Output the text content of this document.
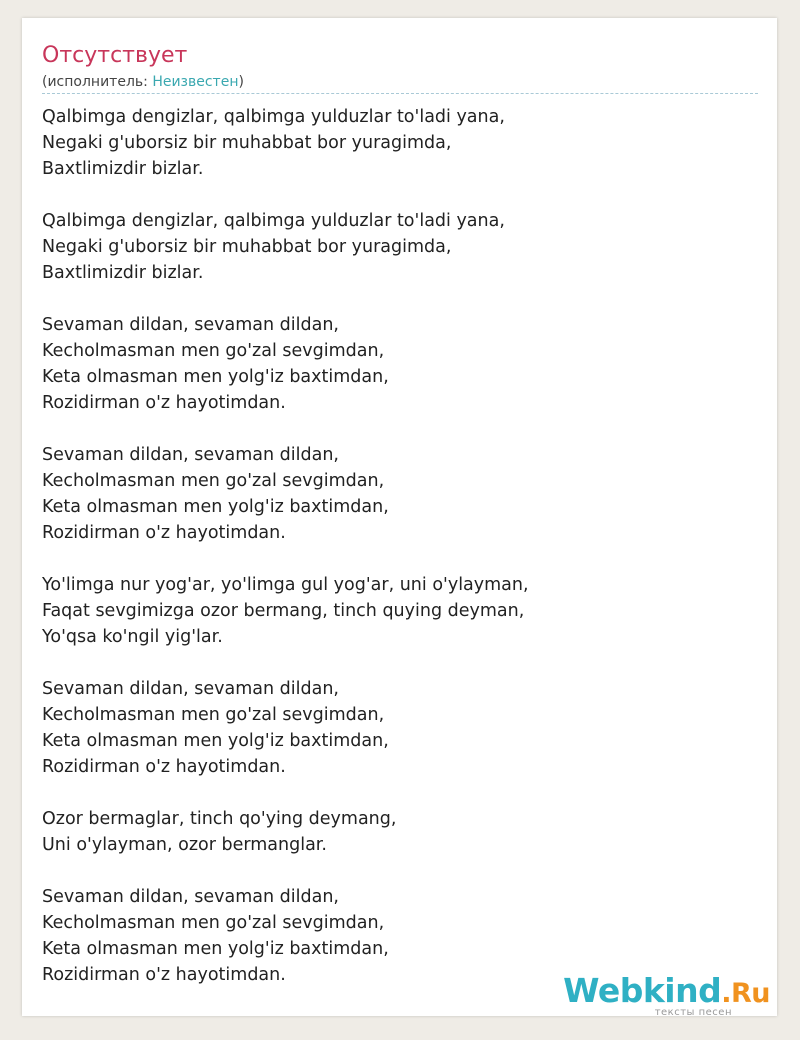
Отсутствует
(исполнитель: Неизвестен)
Qalbimga dengizlar, qalbimga yulduzlar to'ladi yana,
Negaki g'uborsiz bir muhabbat bor yuragimda,
Baxtlimizdir bizlar.
Qalbimga dengizlar, qalbimga yulduzlar to'ladi yana,
Negaki g'uborsiz bir muhabbat bor yuragimda,
Baxtlimizdir bizlar.
Sevaman dildan, sevaman dildan,
Kecholmasman men go'zal sevgimdan,
Keta olmasman men yolg'iz baxtimdan,
Rozidirman o'z hayotimdan.
Sevaman dildan, sevaman dildan,
Kecholmasman men go'zal sevgimdan,
Keta olmasman men yolg'iz baxtimdan,
Rozidirman o'z hayotimdan.
Yo'limga nur yog'ar, yo'limga gul yog'ar, uni o'ylayman,
Faqat sevgimizga ozor bermang, tinch quying deyman,
Yo'qsa ko'ngil yig'lar.
Sevaman dildan, sevaman dildan,
Kecholmasman men go'zal sevgimdan,
Keta olmasman men yolg'iz baxtimdan,
Rozidirman o'z hayotimdan.
Ozor bermaglar, tinch qo'ying deymang,
Uni o'ylayman, ozor bermanglar.
Sevaman dildan, sevaman dildan,
Kecholmasman men go'zal sevgimdan,
Keta olmasman men yolg'iz baxtimdan,
Rozidirman o'z hayotimdan.	Webkind.Ru
тексты песен
